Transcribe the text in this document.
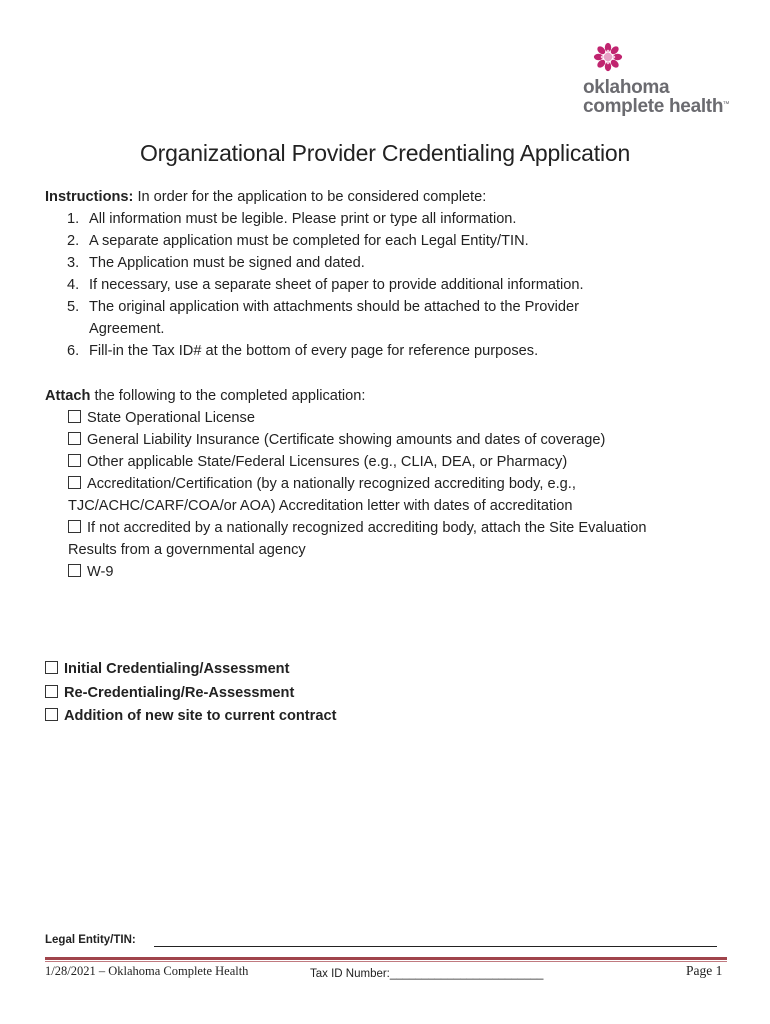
oklahoma
complete health ™
Organizational Provider Credentialing Application
Instructions: In order for the application to be considered complete:
1. All information must be legible. Please print or type all information.
2. A separate application must be completed for each Legal Entity/TIN.
3. The Application must be signed and dated.
4. If necessary, use a separate sheet of paper to provide additional information.
5. The original application with attachments should be attached to the Provider
Agreement.
6. Fill-in the Tax ID# at the bottom of every page for reference purposes.
Attach the following to the completed application:
State Operational License
General Liability Insurance (Certificate showing amounts and dates of coverage)
Other applicable State/Federal Licensures (e.g., CLIA, DEA, or Pharmacy)
Accreditation/Certification (by a nationally recognized accrediting body, e.g.,
TJC/ACHC/CARF/COA/or AOA) Accreditation letter with dates of accreditation
If not accredited by a nationally recognized accrediting body, attach the Site Evaluation
Results from a governmental agency
W-9
Initial Credentialing/Assessment
Re-Credentialing/Re-Assessment
Addition of new site to current contract
Legal Entity/TIN:
1/28/2021 – Oklahoma Complete Health	Tax ID Number:________________________	Page 1
